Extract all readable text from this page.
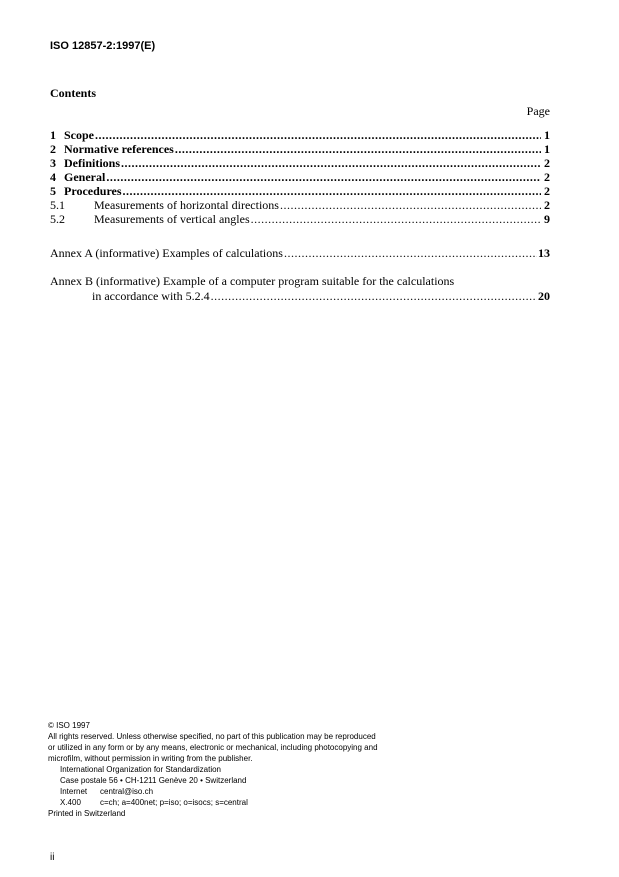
ISO 12857-2:1997(E)
Contents
Page
1 Scope .....	1
2 Normative references .....	1
3 Definitions .....	2
4 General .....	2
5 Procedures .....	2
5.1	Measurements of horizontal directions .....	2
5.2	Measurements of vertical angles .....	9
Annex A (informative) Examples of calculations .....	13
Annex B (informative) Example of a computer program suitable for the calculations
in accordance with 5.2.4 .....	20
© ISO 1997
All rights reserved. Unless otherwise specified, no part of this publication may be reproduced
or utilized in any form or by any means, electronic or mechanical, including photocopying and
microfilm, without permission in writing from the publisher.
International Organization for Standardization
Case postale 56 • CH-1211 Genève 20 • Switzerland
Internet	central@iso.ch
X.400	c=ch; a=400net; p=iso; o=isocs; s=central
Printed in Switzerland
ii
